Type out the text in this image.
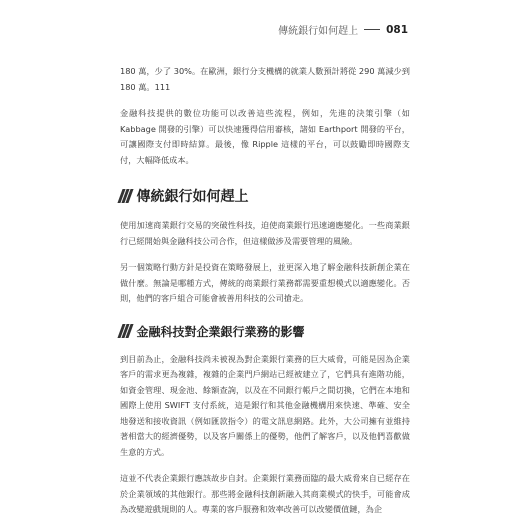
傳統銀行如何趕上	081

180 萬，少了 30%。在歐洲，銀行分支機構的就業人數預計將從 290 萬減少到 180 萬。111

金融科技提供的數位功能可以改善這些流程，例如，先進的決策引擎（如 Kabbage 開發的引擎）可以快速獲得信用審核，諸如 Earthport 開發的平台，可讓國際支付即時結算。最後，像 Ripple 這樣的平台，可以鼓勵即時國際支付，大幅降低成本。

傳統銀行如何趕上

使用加速商業銀行交易的突破性科技，迫使商業銀行迅速適應變化。一些商業銀行已經開始與金融科技公司合作，但這樣做涉及需要管理的風險。

另一個策略行動方針是投資在策略發展上，並更深入地了解金融科技新創企業在做什麼。無論是哪種方式，傳統的商業銀行業務都需要重想模式以適應變化。否則，他們的客戶組合可能會被善用科技的公司搶走。

金融科技對企業銀行業務的影響

到目前為止，金融科技尚未被視為對企業銀行業務的巨大威脅，可能是因為企業客戶的需求更為複雜，複雜的企業門戶網站已經被建立了，它們具有進階功能，如資金管理、現金池、餘額查詢，以及在不同銀行帳戶之間切換，它們在本地和國際上使用 SWIFT 支付系統，這是銀行和其他金融機構用來快速、準確、安全地發送和接收資訊（例如匯款指令）的電文訊息網路。此外，大公司擁有並維持著相當大的經濟優勢，以及客戶關係上的優勢，他們了解客戶，以及他們喜歡做生意的方式。

這並不代表企業銀行應該故步自封。企業銀行業務面臨的最大威脅來自已經存在於企業領域的其他銀行。那些將金融科技創新融入其商業模式的快手，可能會成為改變遊戲規則的人。專業的客戶服務和效率改善可以改變價值鏈，為企
